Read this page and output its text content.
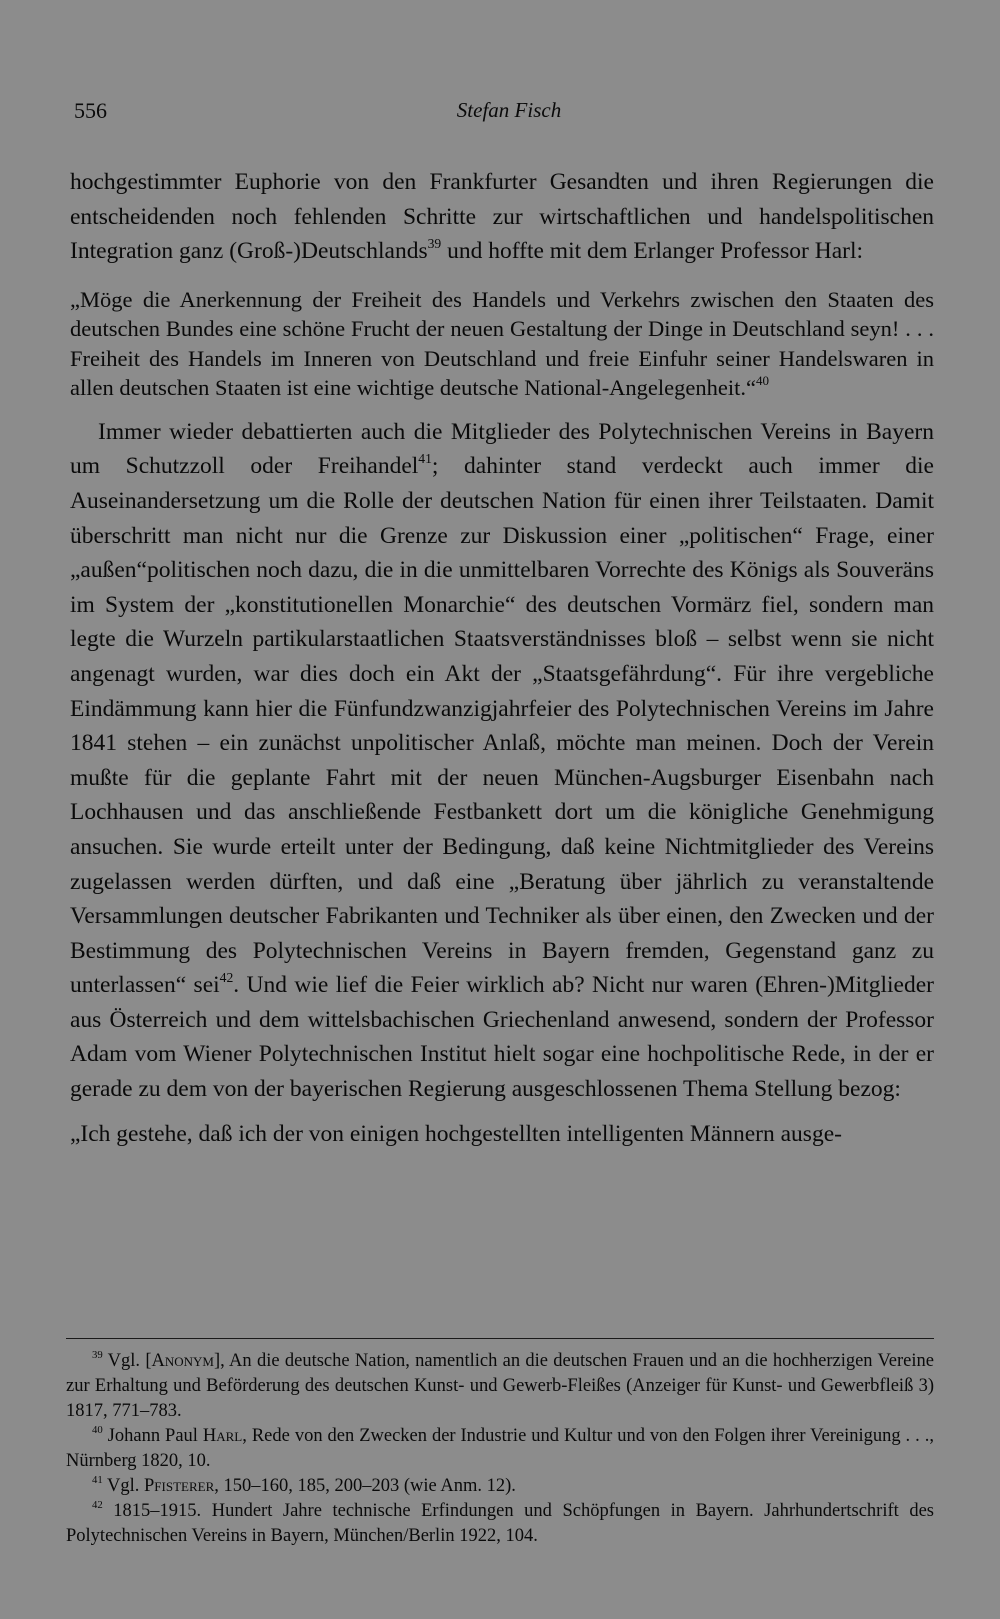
556	Stefan Fisch

hochgestimmter Euphorie von den Frankfurter Gesandten und ihren Regierungen die entscheidenden noch fehlenden Schritte zur wirtschaftlichen und handelspolitischen Integration ganz (Groß-)Deutschlands$^{39}$ und hoffte mit dem Erlanger Professor Harl:

„Möge die Anerkennung der Freiheit des Handels und Verkehrs zwischen den Staaten des deutschen Bundes eine schöne Frucht der neuen Gestaltung der Dinge in Deutschland seyn! . . . Freiheit des Handels im Inneren von Deutschland und freie Einfuhr seiner Handelswaren in allen deutschen Staaten ist eine wichtige deutsche National-Angelegenheit.“$^{40}$

Immer wieder debattierten auch die Mitglieder des Polytechnischen Vereins in Bayern um Schutzzoll oder Freihandel$^{41}$; dahinter stand verdeckt auch immer die Auseinandersetzung um die Rolle der deutschen Nation für einen ihrer Teilstaaten. Damit überschritt man nicht nur die Grenze zur Diskussion einer „politischen“ Frage, einer „außen“politischen noch dazu, die in die unmittelbaren Vorrechte des Königs als Souveräns im System der „konstitutionellen Monarchie“ des deutschen Vormärz fiel, sondern man legte die Wurzeln partikularstaatlichen Staatsverständnisses bloß – selbst wenn sie nicht angenagt wurden, war dies doch ein Akt der „Staatsgefährdung“. Für ihre vergebliche Eindämmung kann hier die Fünfundzwanzigjahrfeier des Polytechnischen Vereins im Jahre 1841 stehen – ein zunächst unpolitischer Anlaß, möchte man meinen. Doch der Verein mußte für die geplante Fahrt mit der neuen München-Augsburger Eisenbahn nach Lochhausen und das anschließende Festbankett dort um die königliche Genehmigung ansuchen. Sie wurde erteilt unter der Bedingung, daß keine Nichtmitglieder des Vereins zugelassen werden dürften, und daß eine „Beratung über jährlich zu veranstaltende Versammlungen deutscher Fabrikanten und Techniker als über einen, den Zwecken und der Bestimmung des Polytechnischen Vereins in Bayern fremden, Gegenstand ganz zu unterlassen“ sei$^{42}$. Und wie lief die Feier wirklich ab? Nicht nur waren (Ehren-)Mitglieder aus Österreich und dem wittelsbachischen Griechenland anwesend, sondern der Professor Adam vom Wiener Polytechnischen Institut hielt sogar eine hochpolitische Rede, in der er gerade zu dem von der bayerischen Regierung ausgeschlossenen Thema Stellung bezog:

„Ich gestehe, daß ich der von einigen hochgestellten intelligenten Männern ausge-

$^{39}$ Vgl. [Anonym], An die deutsche Nation, namentlich an die deutschen Frauen und an die hochherzigen Vereine zur Erhaltung und Beförderung des deutschen Kunst- und Gewerb-Fleißes (Anzeiger für Kunst- und Gewerbfleiß 3) 1817, 771–783.

$^{40}$ Johann Paul Harl, Rede von den Zwecken der Industrie und Kultur und von den Folgen ihrer Vereinigung . . ., Nürnberg 1820, 10.

$^{41}$ Vgl. Pfisterer, 150–160, 185, 200–203 (wie Anm. 12).

$^{42}$ 1815–1915. Hundert Jahre technische Erfindungen und Schöpfungen in Bayern. Jahrhundertschrift des Polytechnischen Vereins in Bayern, München/Berlin 1922, 104.
